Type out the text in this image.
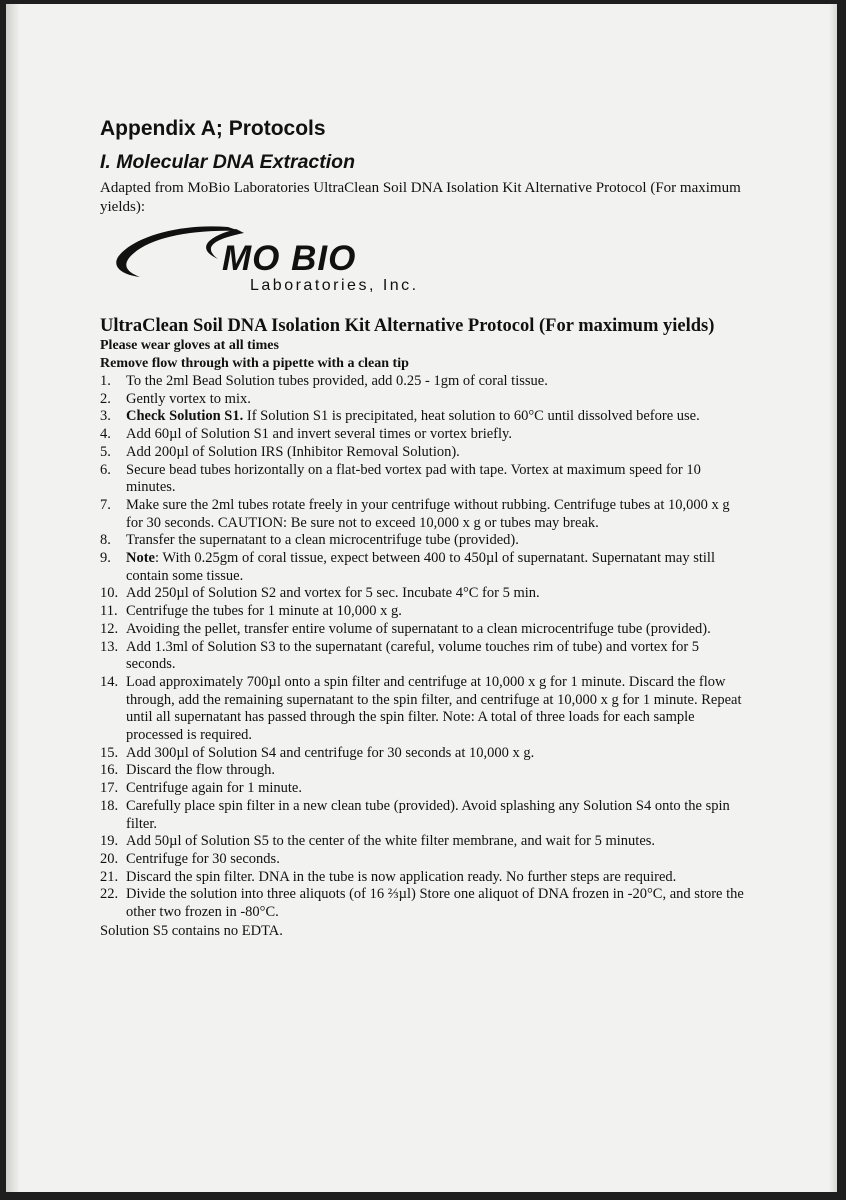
Appendix A; Protocols
I. Molecular DNA Extraction

Adapted from MoBio Laboratories UltraClean Soil DNA Isolation Kit Alternative Protocol (For maximum yields):

MO BIO
Laboratories, Inc.
UltraClean Soil DNA Isolation Kit Alternative Protocol (For maximum yields)

Please wear gloves at all times

Remove flow through with a pipette with a clean tip

1. To the 2ml Bead Solution tubes provided, add 0.25 - 1gm of coral tissue.
2. Gently vortex to mix.
3. Check Solution S1. If Solution S1 is precipitated, heat solution to 60°C until dissolved before use.
4. Add 60µl of Solution S1 and invert several times or vortex briefly.
5. Add 200µl of Solution IRS (Inhibitor Removal Solution).
6. Secure bead tubes horizontally on a flat-bed vortex pad with tape. Vortex at maximum speed for 10 minutes.
7. Make sure the 2ml tubes rotate freely in your centrifuge without rubbing. Centrifuge tubes at 10,000 x g for 30 seconds. CAUTION: Be sure not to exceed 10,000 x g or tubes may break.
8. Transfer the supernatant to a clean microcentrifuge tube (provided).
9. Note: With 0.25gm of coral tissue, expect between 400 to 450µl of supernatant. Supernatant may still contain some tissue.
10. Add 250µl of Solution S2 and vortex for 5 sec. Incubate 4°C for 5 min.
11. Centrifuge the tubes for 1 minute at 10,000 x g.
12. Avoiding the pellet, transfer entire volume of supernatant to a clean microcentrifuge tube (provided).
13. Add 1.3ml of Solution S3 to the supernatant (careful, volume touches rim of tube) and vortex for 5 seconds.
14. Load approximately 700µl onto a spin filter and centrifuge at 10,000 x g for 1 minute. Discard the flow through, add the remaining supernatant to the spin filter, and centrifuge at 10,000 x g for 1 minute. Repeat until all supernatant has passed through the spin filter. Note: A total of three loads for each sample processed is required.
15. Add 300µl of Solution S4 and centrifuge for 30 seconds at 10,000 x g.
16. Discard the flow through.
17. Centrifuge again for 1 minute.
18. Carefully place spin filter in a new clean tube (provided). Avoid splashing any Solution S4 onto the spin filter.
19. Add 50µl of Solution S5 to the center of the white filter membrane, and wait for 5 minutes.
20. Centrifuge for 30 seconds.
21. Discard the spin filter. DNA in the tube is now application ready. No further steps are required.
22. Divide the solution into three aliquots (of 16 ⅔µl) Store one aliquot of DNA frozen in -20°C, and store the other two frozen in -80°C.

Solution S5 contains no EDTA.
